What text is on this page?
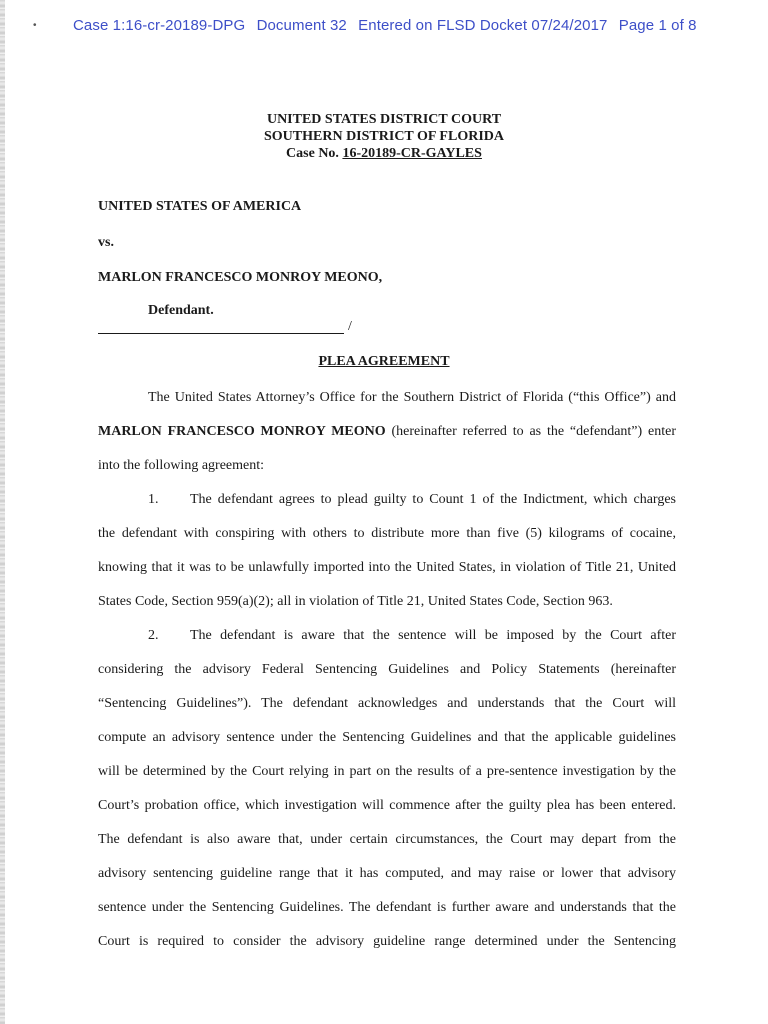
• Case 1:16-cr-20189-DPG Document 32 Entered on FLSD Docket 07/24/2017 Page 1 of 8
UNITED STATES DISTRICT COURT
SOUTHERN DISTRICT OF FLORIDA
Case No. 16-20189-CR-GAYLES
UNITED STATES OF AMERICA
vs.
MARLON FRANCESCO MONROY MEONO,
Defendant.
/
PLEA AGREEMENT
The United States Attorney’s Office for the Southern District of Florida (“this Office”) and
MARLON FRANCESCO MONROY MEONO (hereinafter referred to as the “defendant”) enter
into the following agreement:
1. The defendant agrees to plead guilty to Count 1 of the Indictment, which charges
the defendant with conspiring with others to distribute more than five (5) kilograms of cocaine,
knowing that it was to be unlawfully imported into the United States, in violation of Title 21, United
States Code, Section 959(a)(2); all in violation of Title 21, United States Code, Section 963.
2. The defendant is aware that the sentence will be imposed by the Court after
considering the advisory Federal Sentencing Guidelines and Policy Statements (hereinafter
“Sentencing Guidelines”). The defendant acknowledges and understands that the Court will
compute an advisory sentence under the Sentencing Guidelines and that the applicable guidelines
will be determined by the Court relying in part on the results of a pre-sentence investigation by the
Court’s probation office, which investigation will commence after the guilty plea has been entered.
The defendant is also aware that, under certain circumstances, the Court may depart from the
advisory sentencing guideline range that it has computed, and may raise or lower that advisory
sentence under the Sentencing Guidelines. The defendant is further aware and understands that the
Court is required to consider the advisory guideline range determined under the Sentencing
